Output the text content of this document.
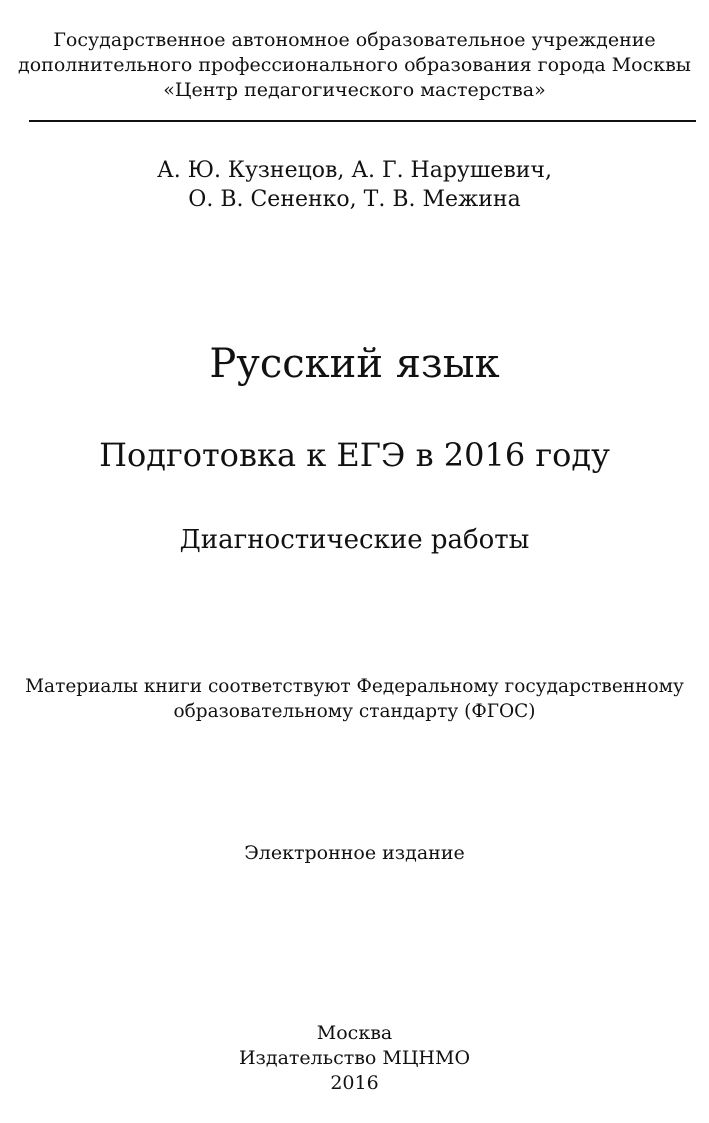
Государственное автономное образовательное учреждение
дополнительного профессионального образования города Москвы
«Центр педагогического мастерства»
А. Ю. Кузнецов, А. Г. Нарушевич,
О. В. Сененко, Т. В. Межина
Русский язык
Подготовка к ЕГЭ в 2016 году
Диагностические работы
Материалы книги соответствуют Федеральному государственному
образовательному стандарту (ФГОС)
Электронное издание
Москва
Издательство МЦНМО
2016
